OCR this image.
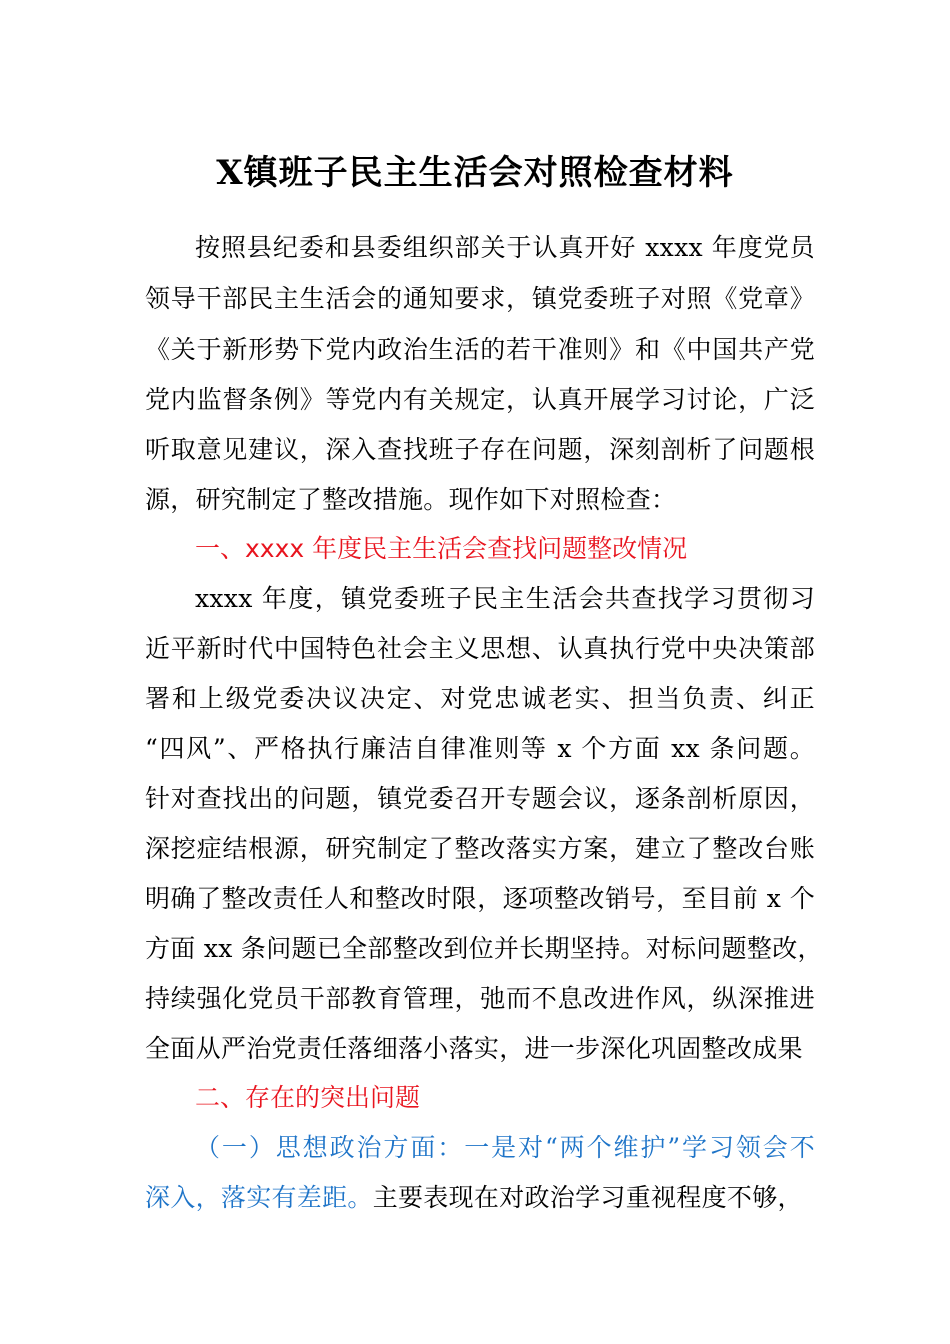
X镇班子民主生活会对照检查材料
按照县纪委和县委组织部关于认真开好 xxxx 年度党员
领导干部民主生活会的通知要求，镇党委班子对照《党章》
《关于新形势下党内政治生活的若干准则》和《中国共产党
党内监督条例》等党内有关规定，认真开展学习讨论，广泛
听取意见建议，深入查找班子存在问题，深刻剖析了问题根
源，研究制定了整改措施。现作如下对照检查：
一、xxxx 年度民主生活会查找问题整改情况
xxxx 年度，镇党委班子民主生活会共查找学习贯彻习
近平新时代中国特色社会主义思想、认真执行党中央决策部
署和上级党委决议决定、对党忠诚老实、担当负责、纠正
“四风”、严格执行廉洁自律准则等 x 个方面 xx 条问题。
针对查找出的问题，镇党委召开专题会议，逐条剖析原因，
深挖症结根源，研究制定了整改落实方案，建立了整改台账
明确了整改责任人和整改时限，逐项整改销号，至目前 x 个
方面 xx 条问题已全部整改到位并长期坚持。对标问题整改，
持续强化党员干部教育管理，弛而不息改进作风，纵深推进
全面从严治党责任落细落小落实，进一步深化巩固整改成果
二、存在的突出问题
（一）思想政治方面：一是对“两个维护”学习领会不
深入，落实有差距。主要表现在对政治学习重视程度不够，
